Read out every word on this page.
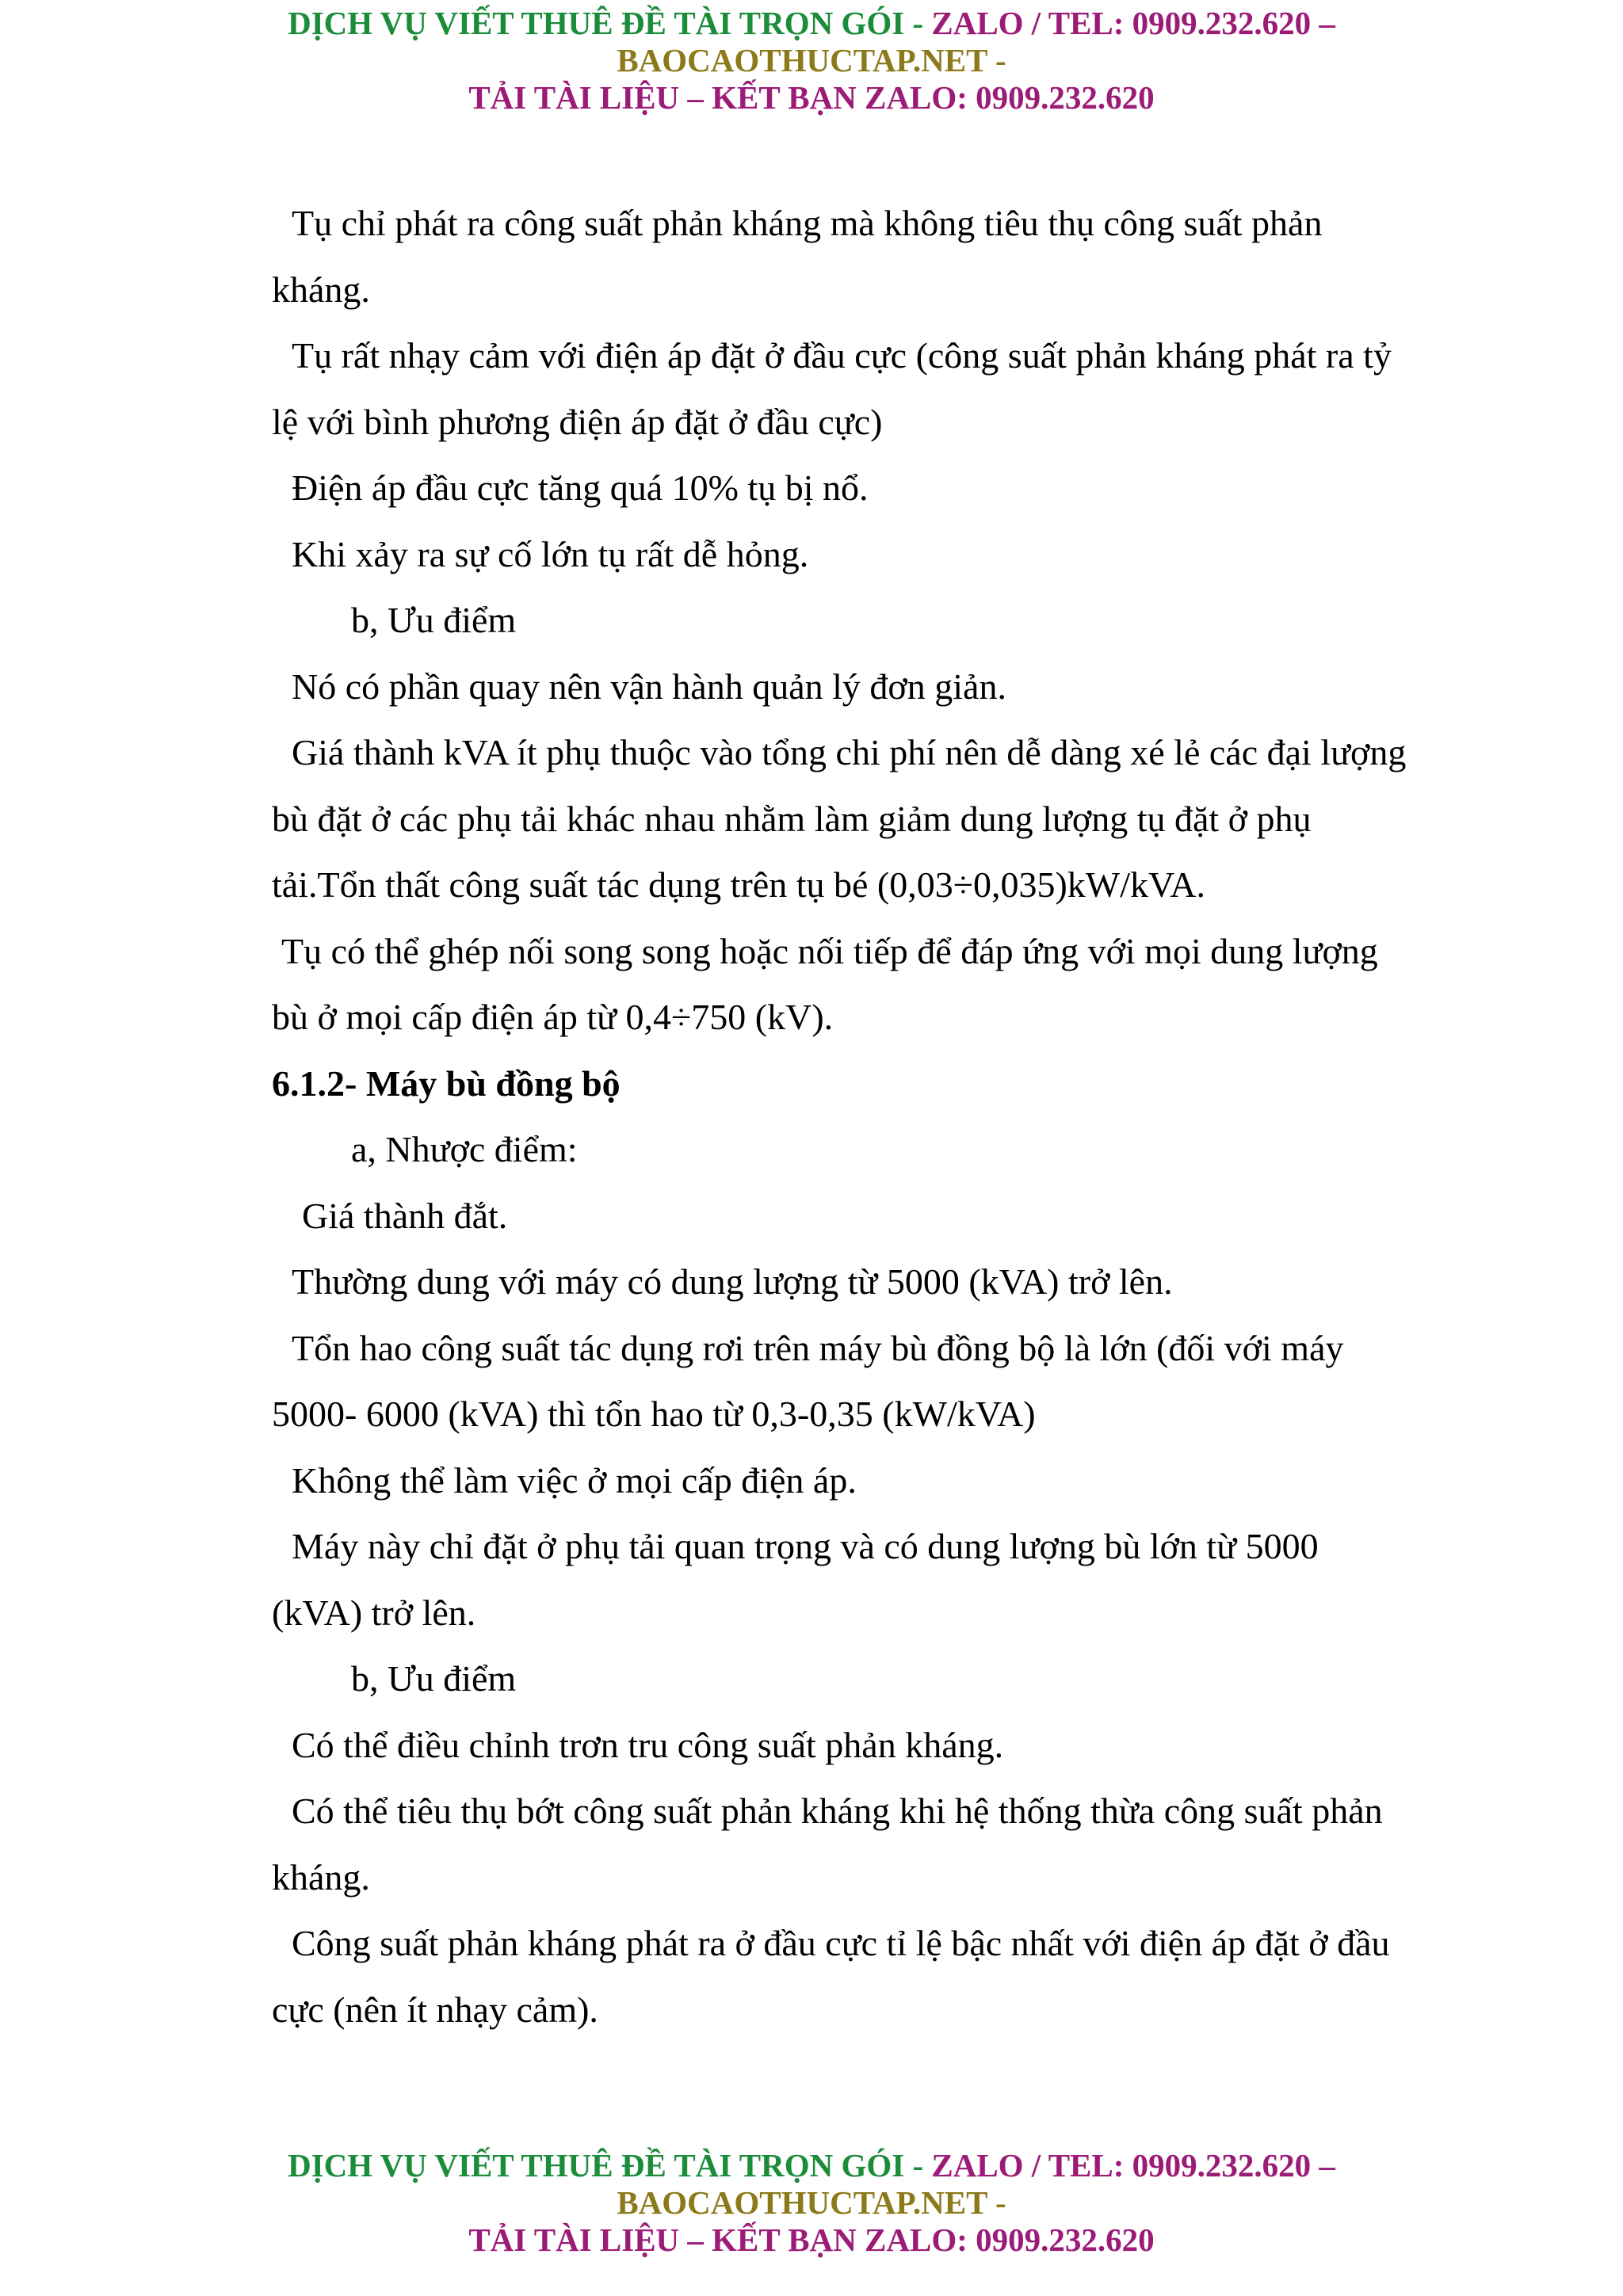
DỊCH VỤ VIẾT THUÊ ĐỀ TÀI TRỌN GÓI - ZALO / TEL: 0909.232.620 –
BAOCAOTHUCTAP.NET -
TẢI TÀI LIỆU – KẾT BẠN ZALO: 0909.232.620

Tụ chỉ phát ra công suất phản kháng mà không tiêu thụ công suất phản

kháng.

Tụ rất nhạy cảm với điện áp đặt ở đầu cực (công suất phản kháng phát ra tỷ

lệ với bình phương điện áp đặt ở đầu cực)

Điện áp đầu cực tăng quá 10% tụ bị nổ.

Khi xảy ra sự cố lớn tụ rất dễ hỏng.

b, Ưu điểm

Nó có phần quay nên vận hành quản lý đơn giản.

Giá thành kVA ít phụ thuộc vào tổng chi phí nên dễ dàng xé lẻ các đại lượng

bù đặt ở các phụ tải khác nhau nhằm làm giảm dung lượng tụ đặt ở phụ

tải.Tổn thất công suất tác dụng trên tụ bé (0,03÷0,035)kW/kVA.

Tụ có thể ghép nối song song hoặc nối tiếp để đáp ứng với mọi dung lượng

bù ở mọi cấp điện áp từ 0,4÷750 (kV).

6.1.2- Máy bù đồng bộ

a, Nhược điểm:

Giá thành đắt.

Thường dung với máy có dung lượng từ 5000 (kVA) trở lên.

Tổn hao công suất tác dụng rơi trên máy bù đồng bộ là lớn (đối với máy

5000- 6000 (kVA) thì tổn hao từ 0,3-0,35 (kW/kVA)

Không thể làm việc ở mọi cấp điện áp.

Máy này chỉ đặt ở phụ tải quan trọng và có dung lượng bù lớn từ 5000

(kVA) trở lên.

b, Ưu điểm

Có thể điều chỉnh trơn tru công suất phản kháng.

Có thể tiêu thụ bớt công suất phản kháng khi hệ thống thừa công suất phản

kháng.

Công suất phản kháng phát ra ở đầu cực tỉ lệ bậc nhất với điện áp đặt ở đầu

cực (nên ít nhạy cảm).

DỊCH VỤ VIẾT THUÊ ĐỀ TÀI TRỌN GÓI - ZALO / TEL: 0909.232.620 –
BAOCAOTHUCTAP.NET -
TẢI TÀI LIỆU – KẾT BẠN ZALO: 0909.232.620
